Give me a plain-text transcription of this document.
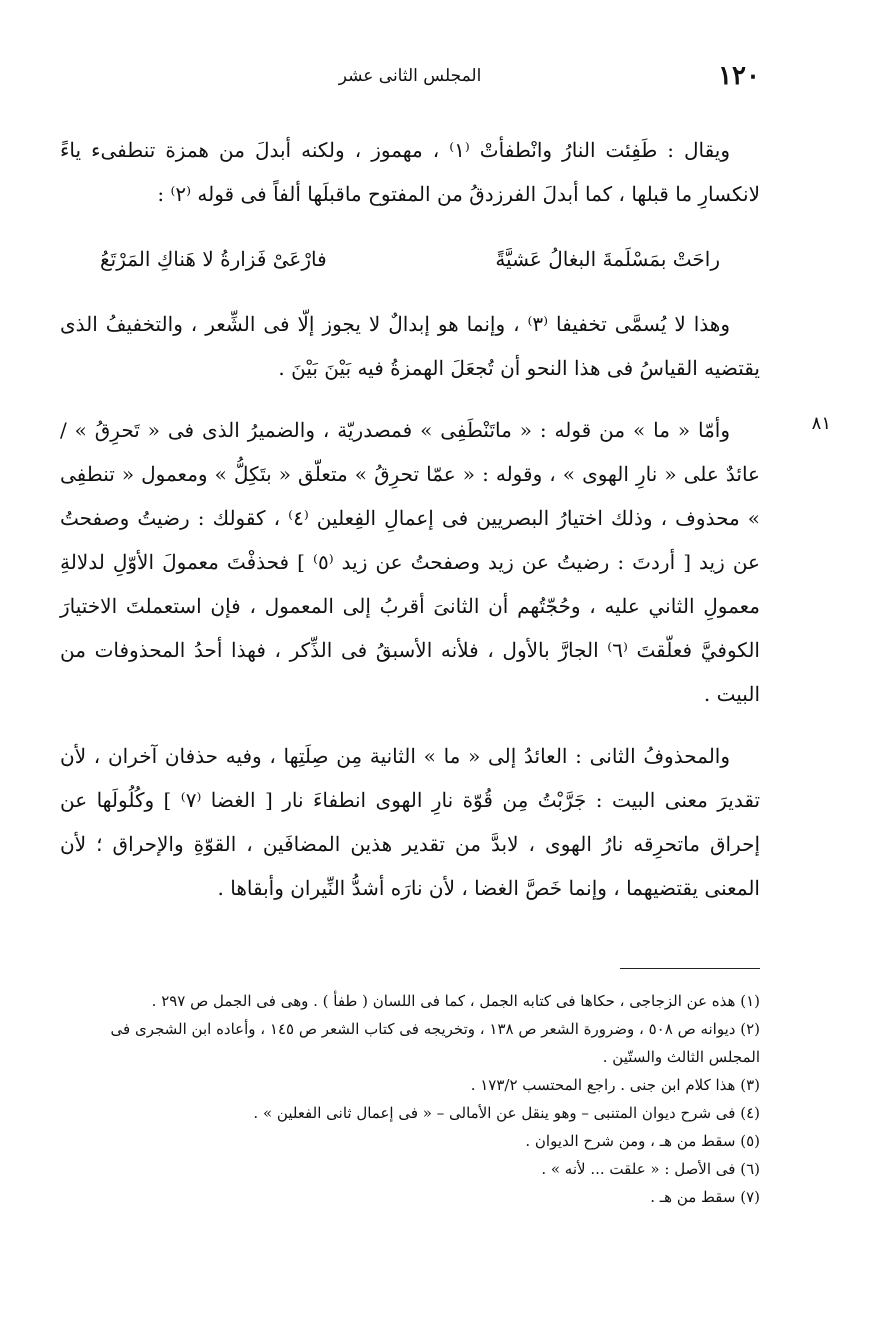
١٢٠
المجلس الثانى عشر
٨١

ويقال : طَفِئت النارُ وانْطفأتْ ⁽١⁾ ، مهموز ، ولكنه أبدلَ من همزة تنطفىء ياءً لانكسارِ ما قبلها ، كما أبدلَ الفرزدقُ من المفتوح ماقبلَها ألفاً فى قوله ⁽٢⁾ :

راحَتْ بمَسْلَمةَ البغالُ عَشيَّةً
فارْعَىْ فَزارةُ لا هَناكِ المَرْتَعُ

وهذا لا يُسمَّى تخفيفا ⁽٣⁾ ، وإنما هو إبدالٌ لا يجوز إلّا فى الشِّعر ، والتخفيفُ الذى يقتضيه القياسُ فى هذا النحو أن تُجعَلَ الهمزةُ فيه بَيْنَ بَيْنَ .

وأمّا « ما » من قوله : « ماتَنْطَفِى » فمصدريّة ، والضميرُ الذى فى « تَحرِقُ » / عائدٌ على « نارِ الهوى » ، وقوله : « عمّا تحرِقُ » متعلّق « بتَكِلُّ » ومعمول « تنطفِى » محذوف ، وذلك اختيارُ البصريين فى إعمالِ الفِعلين ⁽٤⁾ ، كقولك : رضيتُ وصفحتُ عن زيد [ أردتَ : رضيتُ عن زيد وصفحتُ عن زيد ⁽٥⁾ ] فحذفْتَ معمولَ الأوّلِ لدلالةِ معمولِ الثاني عليه ، وحُجّتُهم أن الثانىَ أقربُ إلى المعمول ، فإن استعملتَ الاختيارَ الكوفيَّ فعلّقتَ ⁽٦⁾ الجارَّ بالأول ، فلأنه الأسبقُ فى الذِّكر ، فهذا أحدُ المحذوفات من البيت .

والمحذوفُ الثانى : العائدُ إلى « ما » الثانية مِن صِلَتِها ، وفيه حذفان آخران ، لأن تقديرَ معنى البيت : جَرَّبْتُ مِن قُوّة نارِ الهوى انطفاءَ نار [ الغضا ⁽٧⁾ ] وكُلُولَها عن إحراق ماتحرِقه نارُ الهوى ، لابدَّ من تقدير هذين المضافَين ، القوّةِ والإحراق ؛ لأن المعنى يقتضيهما ، وإنما خَصَّ الغضا ، لأن نارَه أشدُّ النِّيران وأبقاها .

(١) هذه عن الزجاجى ، حكاها فى كتابه الجمل ، كما فى اللسان ( طفأ ) . وهى فى الجمل ص ٢٩٧ .

(٢) ديوانه ص ٥٠٨ ، وضرورة الشعر ص ١٣٨ ، وتخريجه فى كتاب الشعر ص ١٤٥ ، وأعاده ابن الشجرى فى المجلس الثالث والستّين .

(٣) هذا كلام ابن جنى . راجع المحتسب ١٧٣/٢ .

(٤) فى شرح ديوان المتنبى – وهو ينقل عن الأمالى – « فى إعمال ثانى الفعلين » .

(٥) سقط من هـ ، ومن شرح الديوان .

(٦) فى الأصل : « علقت ... لأنه » .

(٧) سقط من هـ .
